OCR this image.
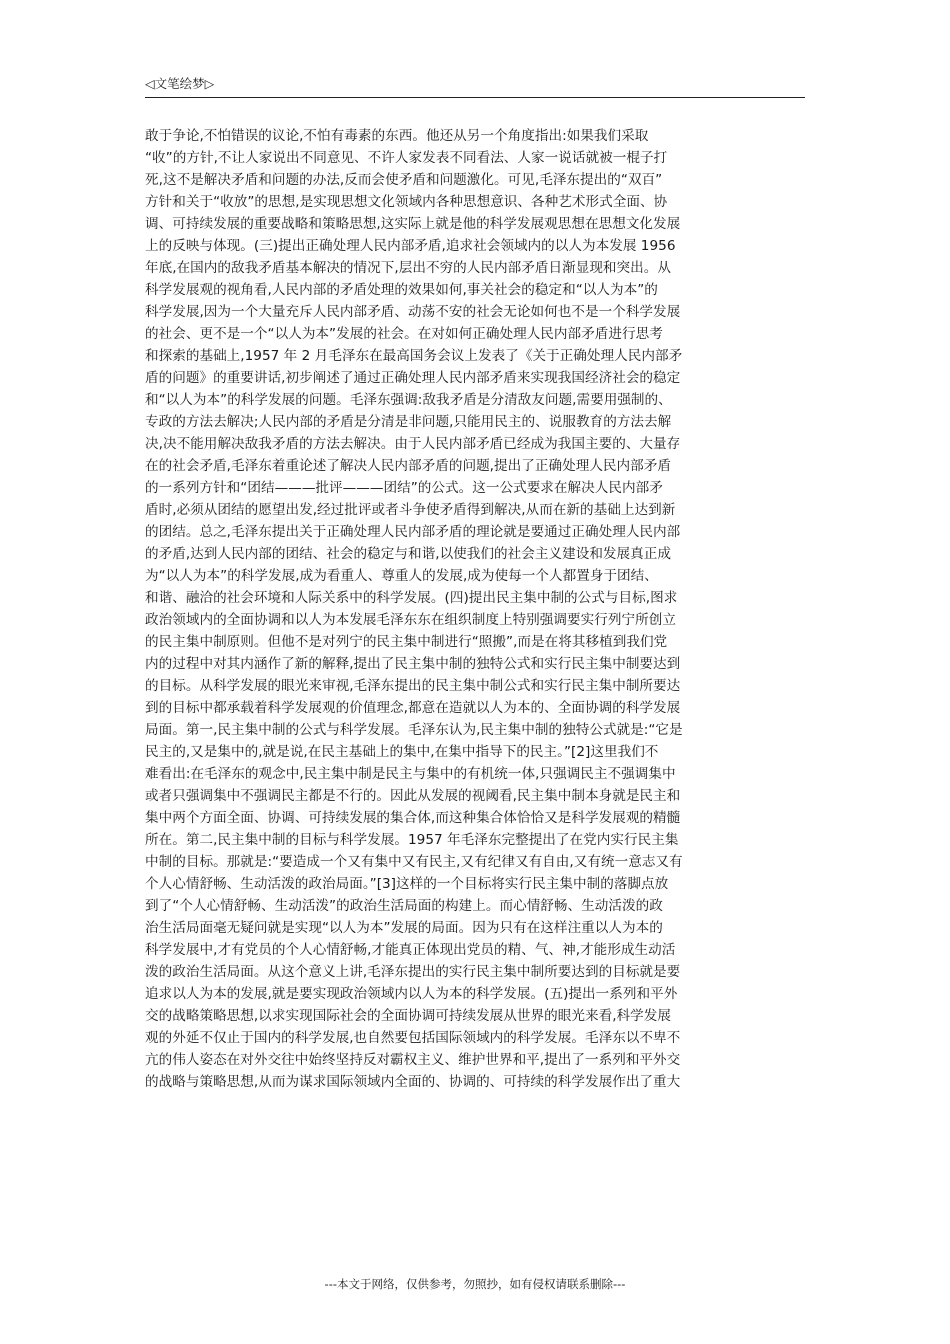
◁文笔绘梦▷
敢于争论,不怕错误的议论,不怕有毒素的东西。他还从另一个角度指出:如果我们采取
“收”的方针,不让人家说出不同意见、不许人家发表不同看法、人家一说话就被一棍子打
死,这不是解决矛盾和问题的办法,反而会使矛盾和问题激化。可见,毛泽东提出的“双百”
方针和关于“收放”的思想,是实现思想文化领域内各种思想意识、各种艺术形式全面、协
调、可持续发展的重要战略和策略思想,这实际上就是他的科学发展观思想在思想文化发展
上的反映与体现。(三)提出正确处理人民内部矛盾,追求社会领域内的以人为本发展 1956
年底,在国内的敌我矛盾基本解决的情况下,层出不穷的人民内部矛盾日渐显现和突出。从
科学发展观的视角看,人民内部的矛盾处理的效果如何,事关社会的稳定和“以人为本”的
科学发展,因为一个大量充斥人民内部矛盾、动荡不安的社会无论如何也不是一个科学发展
的社会、更不是一个“以人为本”发展的社会。在对如何正确处理人民内部矛盾进行思考
和探索的基础上,1957 年 2 月毛泽东在最高国务会议上发表了《关于正确处理人民内部矛
盾的问题》的重要讲话,初步阐述了通过正确处理人民内部矛盾来实现我国经济社会的稳定
和“以人为本”的科学发展的问题。毛泽东强调:敌我矛盾是分清敌友问题,需要用强制的、
专政的方法去解决;人民内部的矛盾是分清是非问题,只能用民主的、说服教育的方法去解
决,决不能用解决敌我矛盾的方法去解决。由于人民内部矛盾已经成为我国主要的、大量存
在的社会矛盾,毛泽东着重论述了解决人民内部矛盾的问题,提出了正确处理人民内部矛盾
的一系列方针和“团结———批评———团结”的公式。这一公式要求在解决人民内部矛
盾时,必须从团结的愿望出发,经过批评或者斗争使矛盾得到解决,从而在新的基础上达到新
的团结。总之,毛泽东提出关于正确处理人民内部矛盾的理论就是要通过正确处理人民内部
的矛盾,达到人民内部的团结、社会的稳定与和谐,以使我们的社会主义建设和发展真正成
为“以人为本”的科学发展,成为看重人、尊重人的发展,成为使每一个人都置身于团结、
和谐、融洽的社会环境和人际关系中的科学发展。(四)提出民主集中制的公式与目标,图求
政治领域内的全面协调和以人为本发展毛泽东东在组织制度上特别强调要实行列宁所创立
的民主集中制原则。但他不是对列宁的民主集中制进行“照搬”,而是在将其移植到我们党
内的过程中对其内涵作了新的解释,提出了民主集中制的独特公式和实行民主集中制要达到
的目标。从科学发展的眼光来审视,毛泽东提出的民主集中制公式和实行民主集中制所要达
到的目标中都承载着科学发展观的价值理念,都意在造就以人为本的、全面协调的科学发展
局面。第一,民主集中制的公式与科学发展。毛泽东认为,民主集中制的独特公式就是:“它是
民主的,又是集中的,就是说,在民主基础上的集中,在集中指导下的民主。”[2]这里我们不
难看出:在毛泽东的观念中,民主集中制是民主与集中的有机统一体,只强调民主不强调集中
或者只强调集中不强调民主都是不行的。因此从发展的视阈看,民主集中制本身就是民主和
集中两个方面全面、协调、可持续发展的集合体,而这种集合体恰恰又是科学发展观的精髓
所在。第二,民主集中制的目标与科学发展。1957 年毛泽东完整提出了在党内实行民主集
中制的目标。那就是:“要造成一个又有集中又有民主,又有纪律又有自由,又有统一意志又有
个人心情舒畅、生动活泼的政治局面。”[3]这样的一个目标将实行民主集中制的落脚点放
到了“个人心情舒畅、生动活泼”的政治生活局面的构建上。而心情舒畅、生动活泼的政
治生活局面毫无疑问就是实现“以人为本”发展的局面。因为只有在这样注重以人为本的
科学发展中,才有党员的个人心情舒畅,才能真正体现出党员的精、气、神,才能形成生动活
泼的政治生活局面。从这个意义上讲,毛泽东提出的实行民主集中制所要达到的目标就是要
追求以人为本的发展,就是要实现政治领域内以人为本的科学发展。(五)提出一系列和平外
交的战略策略思想,以求实现国际社会的全面协调可持续发展从世界的眼光来看,科学发展
观的外延不仅止于国内的科学发展,也自然要包括国际领域内的科学发展。毛泽东以不卑不
亢的伟人姿态在对外交往中始终坚持反对霸权主义、维护世界和平,提出了一系列和平外交
的战略与策略思想,从而为谋求国际领域内全面的、协调的、可持续的科学发展作出了重大
---本文于网络，仅供参考，勿照抄，如有侵权请联系删除---
